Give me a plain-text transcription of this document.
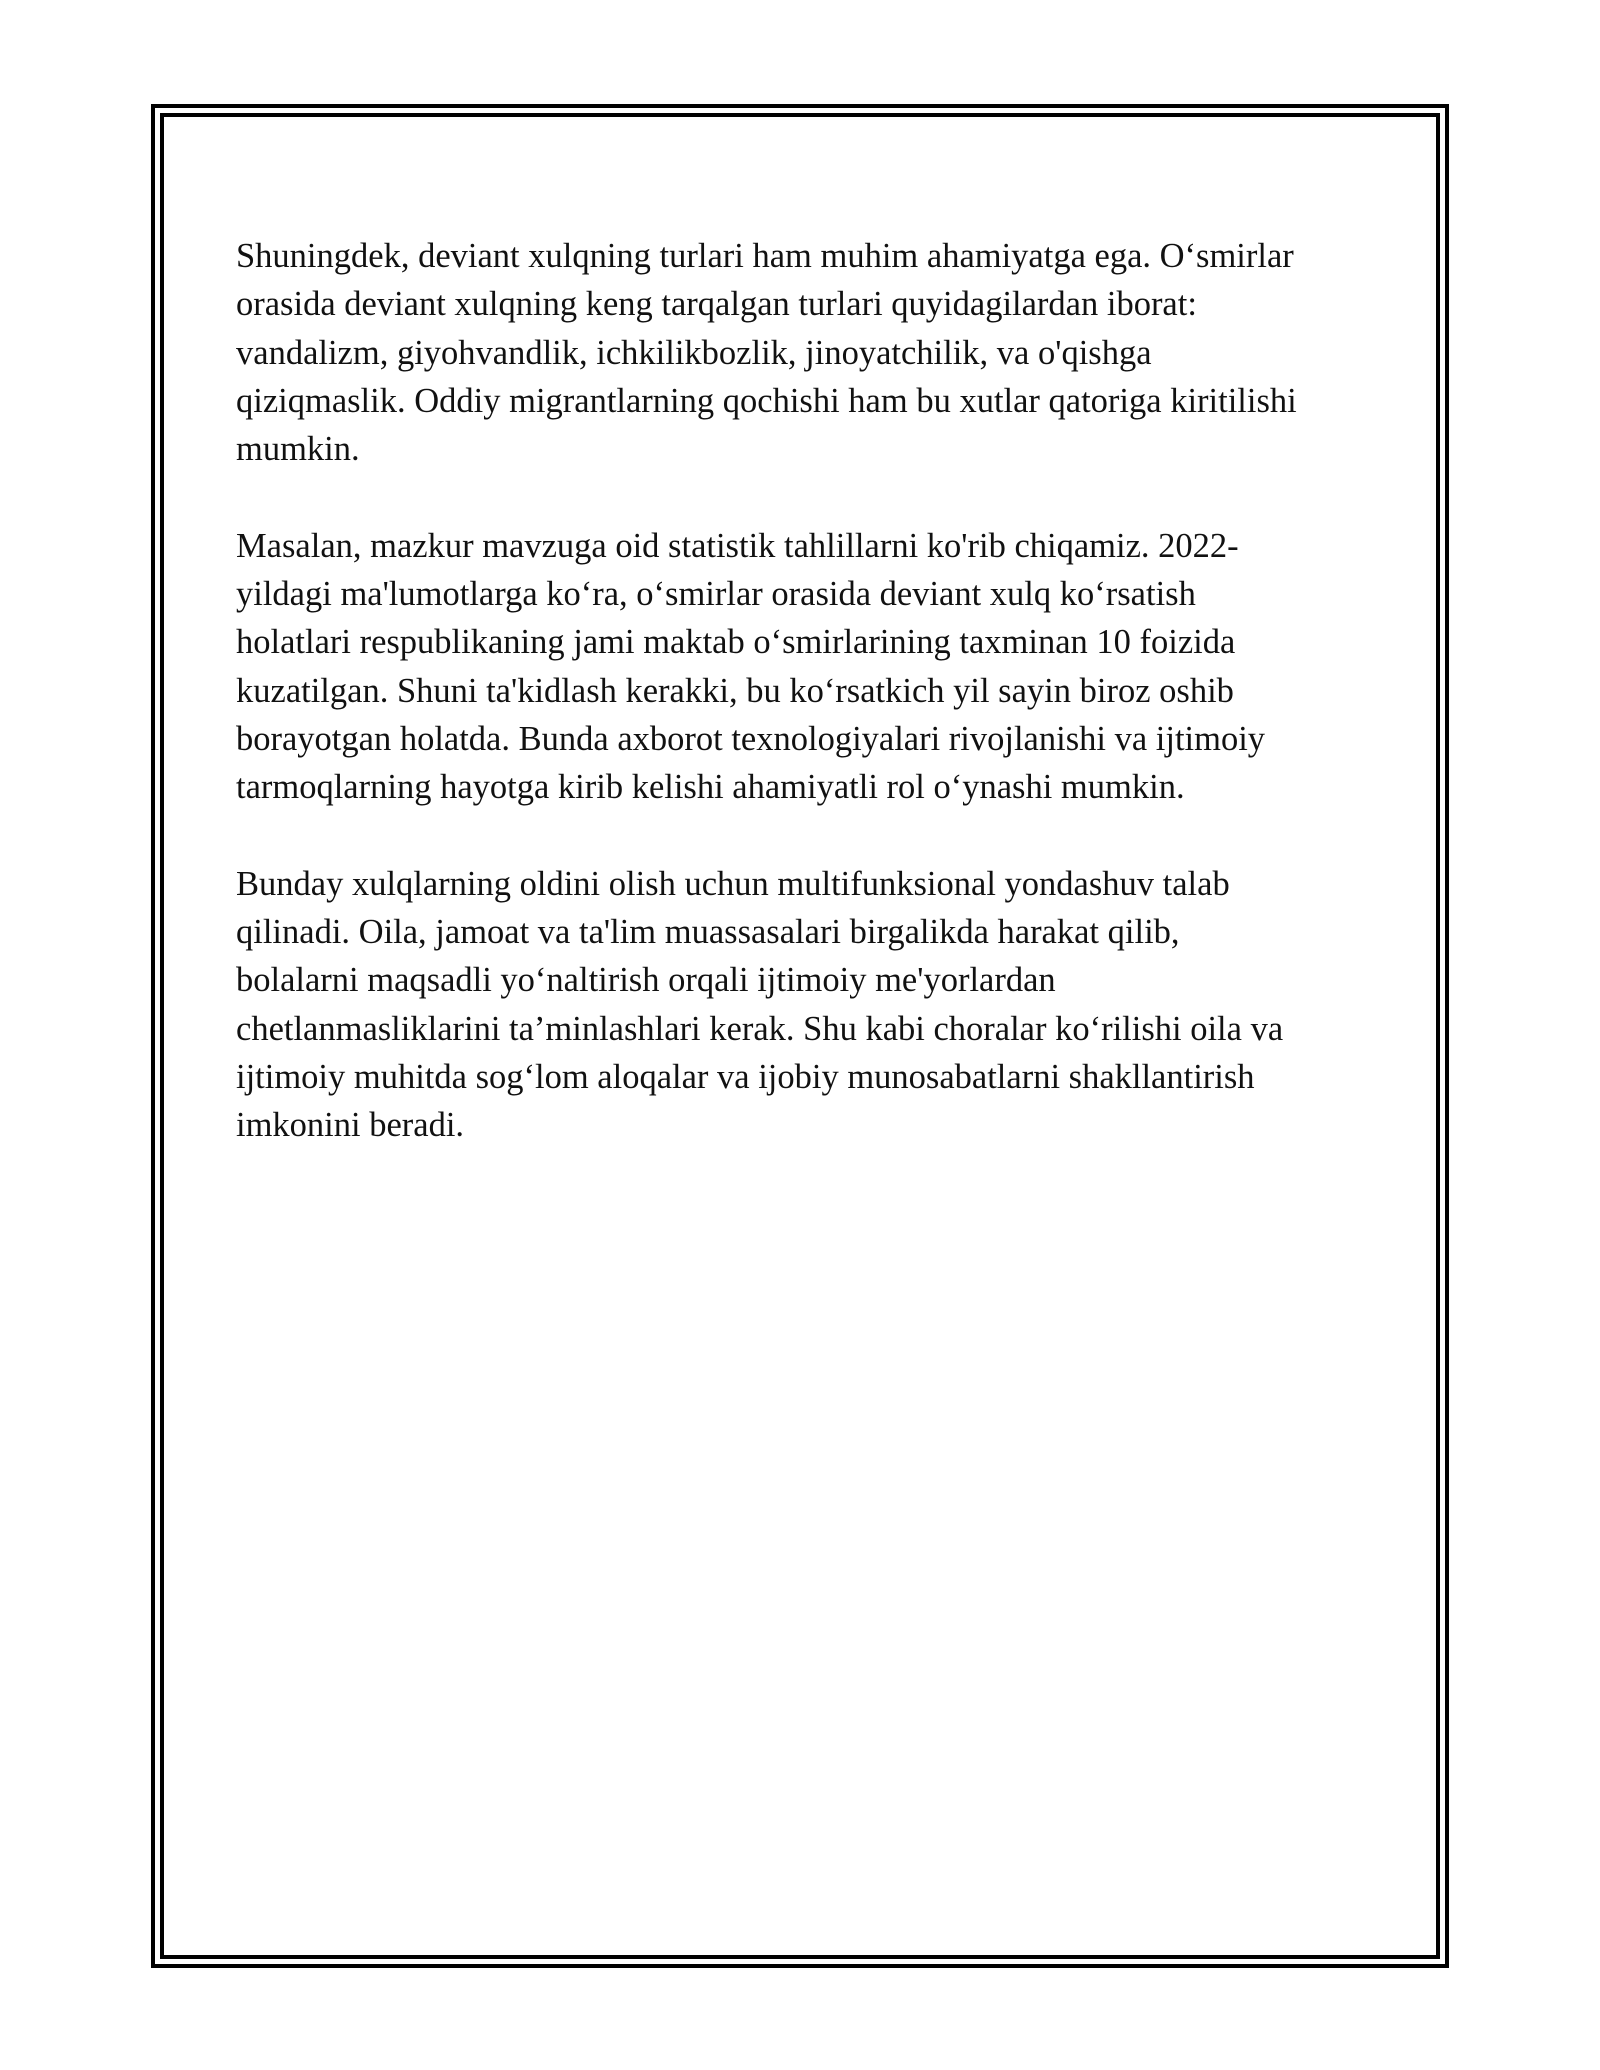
Shuningdek, deviant xulqning turlari ham muhim ahamiyatga ega. O‘smirlar
orasida deviant xulqning keng tarqalgan turlari quyidagilardan iborat:
vandalizm, giyohvandlik, ichkilikbozlik, jinoyatchilik, va o'qishga
qiziqmaslik. Oddiy migrantlarning qochishi ham bu xutlar qatoriga kiritilishi
mumkin.

Masalan, mazkur mavzuga oid statistik tahlillarni ko'rib chiqamiz. 2022-
yildagi ma'lumotlarga ko‘ra, o‘smirlar orasida deviant xulq ko‘rsatish
holatlari respublikaning jami maktab o‘smirlarining taxminan 10 foizida
kuzatilgan. Shuni ta'kidlash kerakki, bu ko‘rsatkich yil sayin biroz oshib
borayotgan holatda. Bunda axborot texnologiyalari rivojlanishi va ijtimoiy
tarmoqlarning hayotga kirib kelishi ahamiyatli rol o‘ynashi mumkin.

Bunday xulqlarning oldini olish uchun multifunksional yondashuv talab
qilinadi. Oila, jamoat va ta'lim muassasalari birgalikda harakat qilib,
bolalarni maqsadli yo‘naltirish orqali ijtimoiy me'yorlardan
chetlanmasliklarini ta’minlashlari kerak. Shu kabi choralar ko‘rilishi oila va
ijtimoiy muhitda sog‘lom aloqalar va ijobiy munosabatlarni shakllantirish
imkonini beradi.
